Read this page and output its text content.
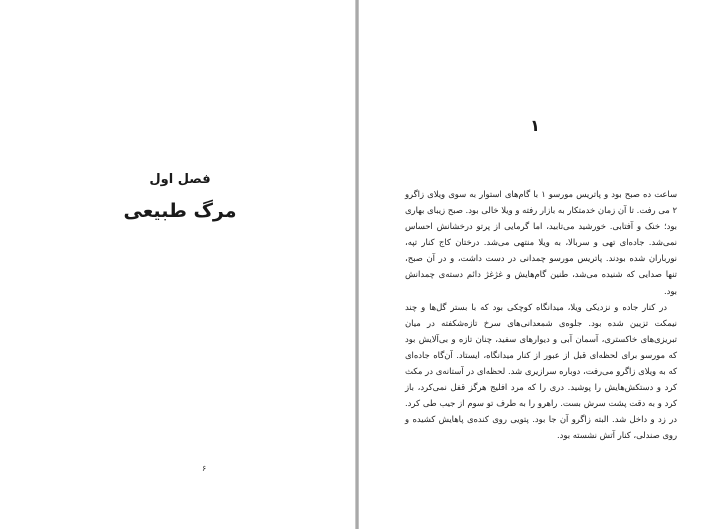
فصل اول
مرگ طبیعی
۶
۱

ساعت ده صبح بود و پاتریس مورسو ۱ با گام‌های استوار به سوی ویلای زاگرو ۲ می رفت. تا آن زمان خدمتکار به بازار رفته و ویلا خالی بود. صبح زیبای بهاری بود؛ خنک و آفتابی. خورشید می‌تابید، اما گرمایی از پرتو درخشانش احساس نمی‌شد. جاده‌ای تهی و سربالا، به ویلا منتهی می‌شد. درختان کاج کنار تپه، نورباران شده بودند. پاتریس مورسو چمدانی در دست داشت، و در آن صبح، تنها صدایی که شنیده می‌شد، طنین گام‌هایش و غژغژ دائم دسته‌ی چمدانش بود.

در کنار جاده و نزدیکی ویلا، میدانگاه کوچکی بود که با بستر گل‌ها و چند نیمکت تزیین شده بود. جلوه‌ی شمعدانی‌های سرخ تازه‌شکفته در میان تبریزی‌های خاکستری، آسمان آبی و دیوارهای سفید، چنان تازه و بی‌آلایش بود که مورسو برای لحظه‌ای قبل از عبور از کنار میدانگاه، ایستاد. آن‌گاه جاده‌ای که به ویلای زاگرو می‌رفت، دوباره سرازیری شد. لحظه‌ای در آستانه‌ی در مکث کرد و دستکش‌هایش را پوشید. دری را که مرد افلیج هرگز قفل نمی‌کرد، باز کرد و به دقت پشت سرش بست. راهرو را به طرف تو سوم از جیب طی کرد. در زد و داخل شد. البته زاگرو آن جا بود. پتویی روی کنده‌ی پاهایش کشیده و روی صندلی، کنار آتش نشسته بود.
